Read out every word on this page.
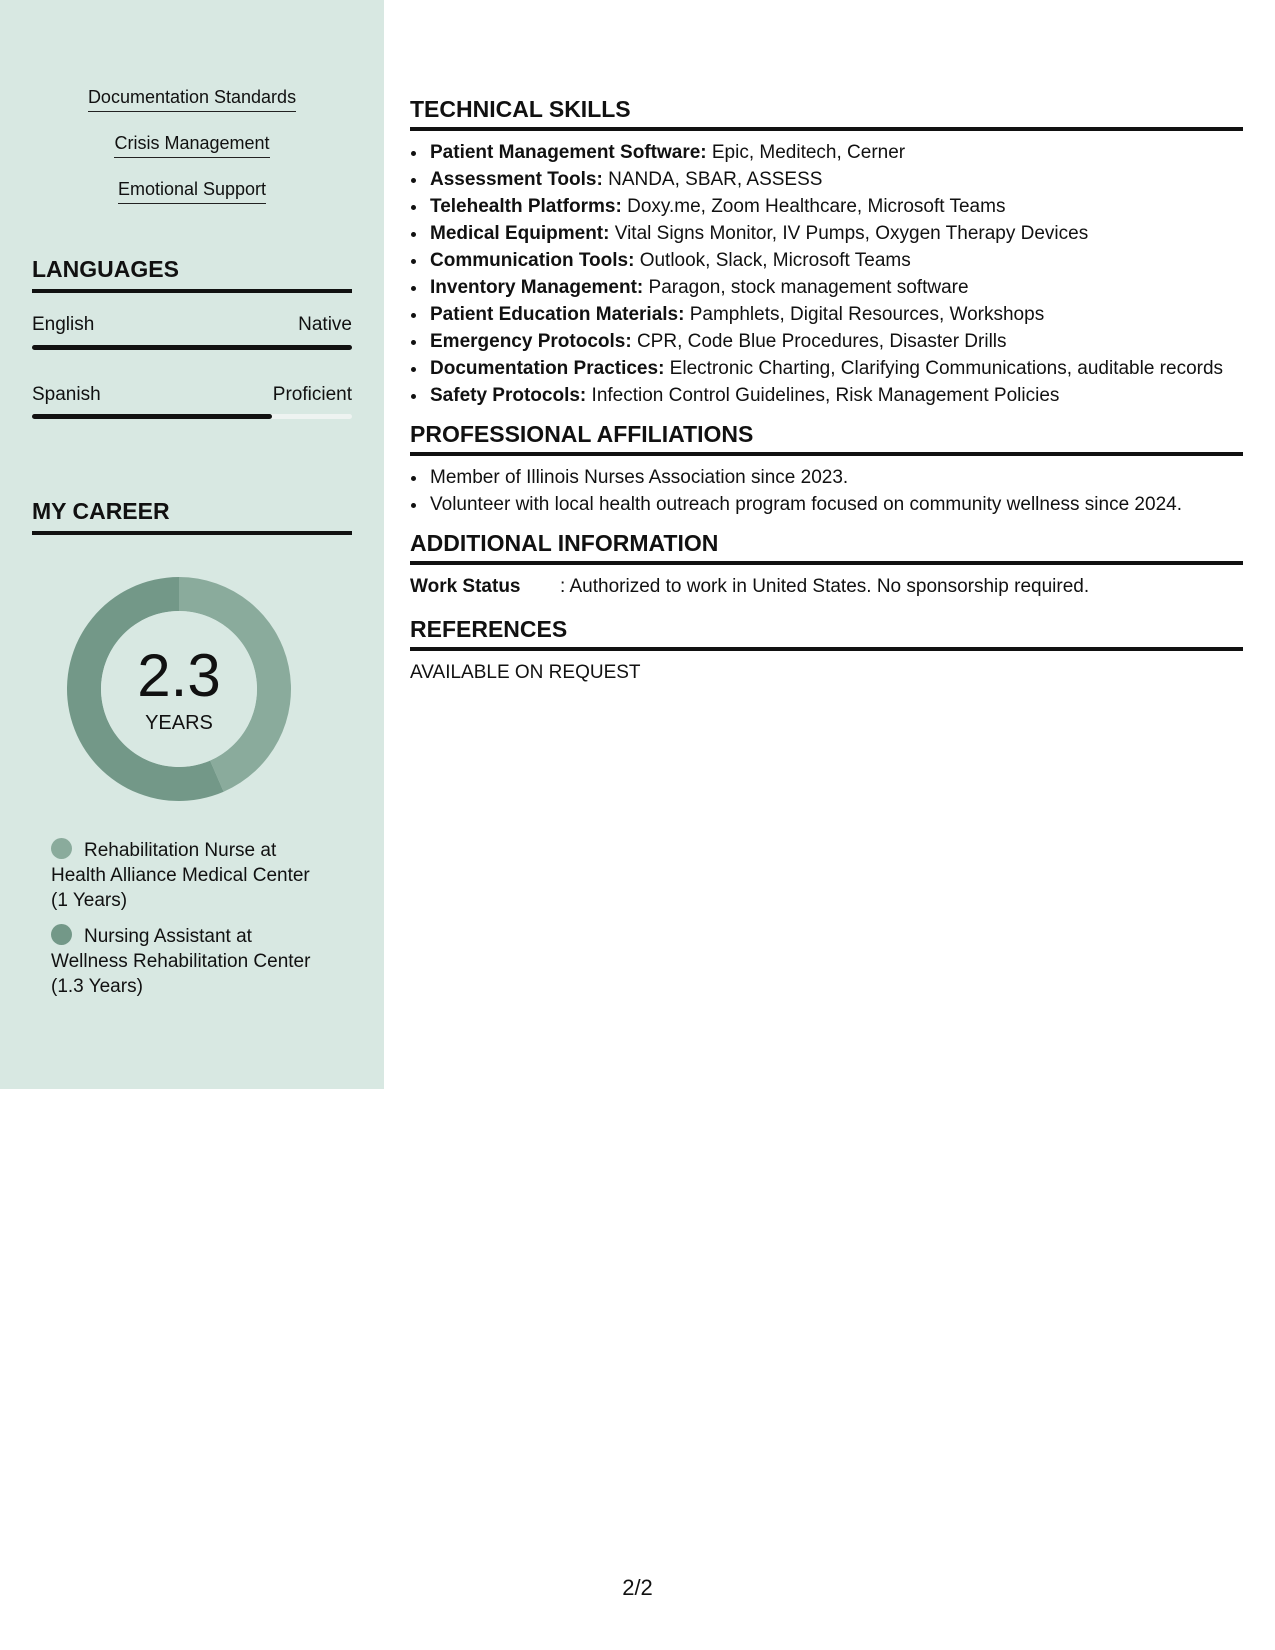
Documentation Standards
Crisis Management
Emotional Support
LANGUAGES
English	Native
Spanish	Proficient
MY CAREER
2.3
YEARS
Rehabilitation Nurse at Health Alliance Medical Center (1 Years)
Nursing Assistant at Wellness Rehabilitation Center (1.3 Years)
TECHNICAL SKILLS
• Patient Management Software: Epic, Meditech, Cerner
• Assessment Tools: NANDA, SBAR, ASSESS
• Telehealth Platforms: Doxy.me, Zoom Healthcare, Microsoft Teams
• Medical Equipment: Vital Signs Monitor, IV Pumps, Oxygen Therapy Devices
• Communication Tools: Outlook, Slack, Microsoft Teams
• Inventory Management: Paragon, stock management software
• Patient Education Materials: Pamphlets, Digital Resources, Workshops
• Emergency Protocols: CPR, Code Blue Procedures, Disaster Drills
• Documentation Practices: Electronic Charting, Clarifying Communications, auditable records
• Safety Protocols: Infection Control Guidelines, Risk Management Policies
PROFESSIONAL AFFILIATIONS
• Member of Illinois Nurses Association since 2023.
• Volunteer with local health outreach program focused on community wellness since 2024.
ADDITIONAL INFORMATION
Work Status : Authorized to work in United States. No sponsorship required.
REFERENCES
AVAILABLE ON REQUEST
2/2
